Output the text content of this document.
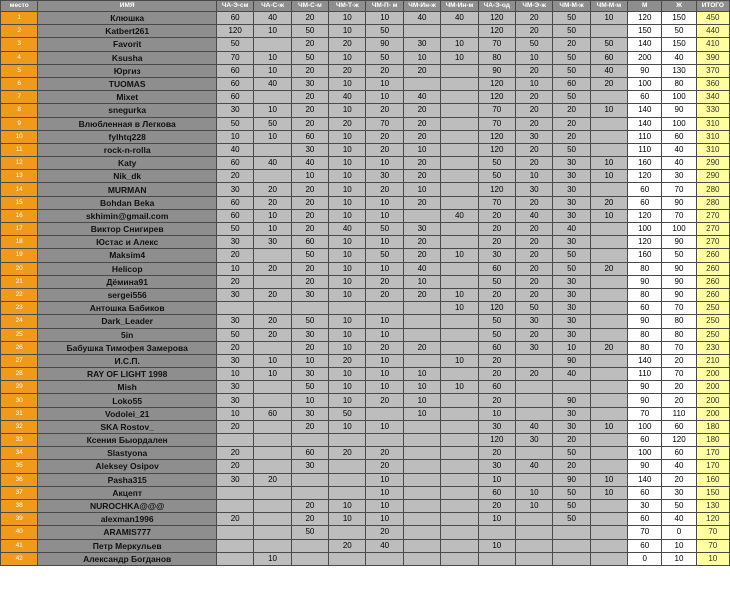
место	ИМЯ	ЧА-Э-см	ЧА-С-ж	ЧМ-С-м	ЧМ-Т-ж	ЧМ-П- м	ЧМ-Ин-ж	ЧМ-Ин-м	ЧА-Э-од	ЧМ-Э-ж	ЧМ-М-ж	ЧМ-М-м	М	Ж	ИТОГО
1	Клюшка	60	40	20	10	10	40	40	120	20	50	10	120	150	450
2	Katbert261	120	10	50	10	50			120	20	50		150	50	440
3	Favorit	50		20	20	90	30	10	70	50	20	50	140	150	410
4	Ksusha	70	10	50	10	50	10	10	80	10	50	60	200	40	390
5	Юргиз	60	10	20	20	20	20		90	20	50	40	90	130	370
6	TUOMAS	60	40	30	10	10			120	10	60	20	100	80	360
7	Mixet	60		20	40	10	40		120	20	50		60	100	340
8	snegurka	30	10	20	10	20	20		70	20	20	10	140	90	330
9	Влюбленная в Легкова	50	50	20	20	70	20		70	20	20		140	100	310
10	fylhtq228	10	10	60	10	20	20		120	30	20		110	60	310
11	rock-n-rolla	40		30	10	20	10		120	20	50		110	40	310
12	Katy	60	40	40	10	10	20		50	20	30	10	160	40	290
13	Nik_dk	20		10	10	30	20		50	10	30	10	120	30	290
14	MURMAN	30	20	20	10	20	10		120	30	30		60	70	280
15	Bohdan Beka	60	20	20	10	10	20		70	20	30	20	60	90	280
16	skhimin@gmail.com	60	10	20	10	10		40	20	40	30	10	120	70	270
17	Виктор Снигирев	50	10	20	40	50	30		20	20	40		100	100	270
18	Юстас и Алекс	30	30	60	10	10	20		20	20	30		120	90	270
19	Maksim4	20		50	10	50	20	10	30	20	50		160	50	260
20	Helicop	10	20	20	10	10	40		60	20	50	20	80	90	260
21	Дёмина91	20		20	10	20	10		50	20	30		90	90	260
22	sergei556	30	20	30	10	20	20	10	20	20	30		80	90	260
23	Антошка Бабиков							10	120	50	30		60	70	250
24	Dark_Leader	30	20	50	10	10			50	30	30		90	80	250
25	5in	50	20	30	10	10			50	20	30		80	80	250
26	Бабушка Тимофея Замерова	20		20	10	20	20		60	30	10	20	80	70	230
27	И.С.П.	30	10	10	20	10		10	20		90		140	20	210
28	RAY OF LIGHT 1998	10	10	30	10	10	10		20	20	40		110	70	200
29	Mish	30		50	10	10	10	10	60				90	20	200
30	Loko55	30		10	10	20	10		20		90		90	20	200
31	Vodolei_21	10	60	30	50		10		10		30		70	110	200
32	SKA Rostov_	20		20	10	10			30	40	30	10	100	60	180
33	Ксения Быордален								120	30	20		60	120	180
34	Slastyona	20		60	20	20			20		50		100	60	170
35	Aleksey Osipov	20		30		20			30	40	20		90	40	170
36	Pasha315	30	20			10			10		90	10	140	20	160
37	Акцепт					10			60	10	50	10	60	30	150
38	NUROCHKA@@@			20	10	10			20	10	50		30	50	130
39	alexman1996	20		20	10	10			10		50		60	40	120
40	ARAMIS777			50		20							70	0	70
41	Петр Меркульев				20	40			10				60	10	70
42	Александр Богданов		10										0	10	10
